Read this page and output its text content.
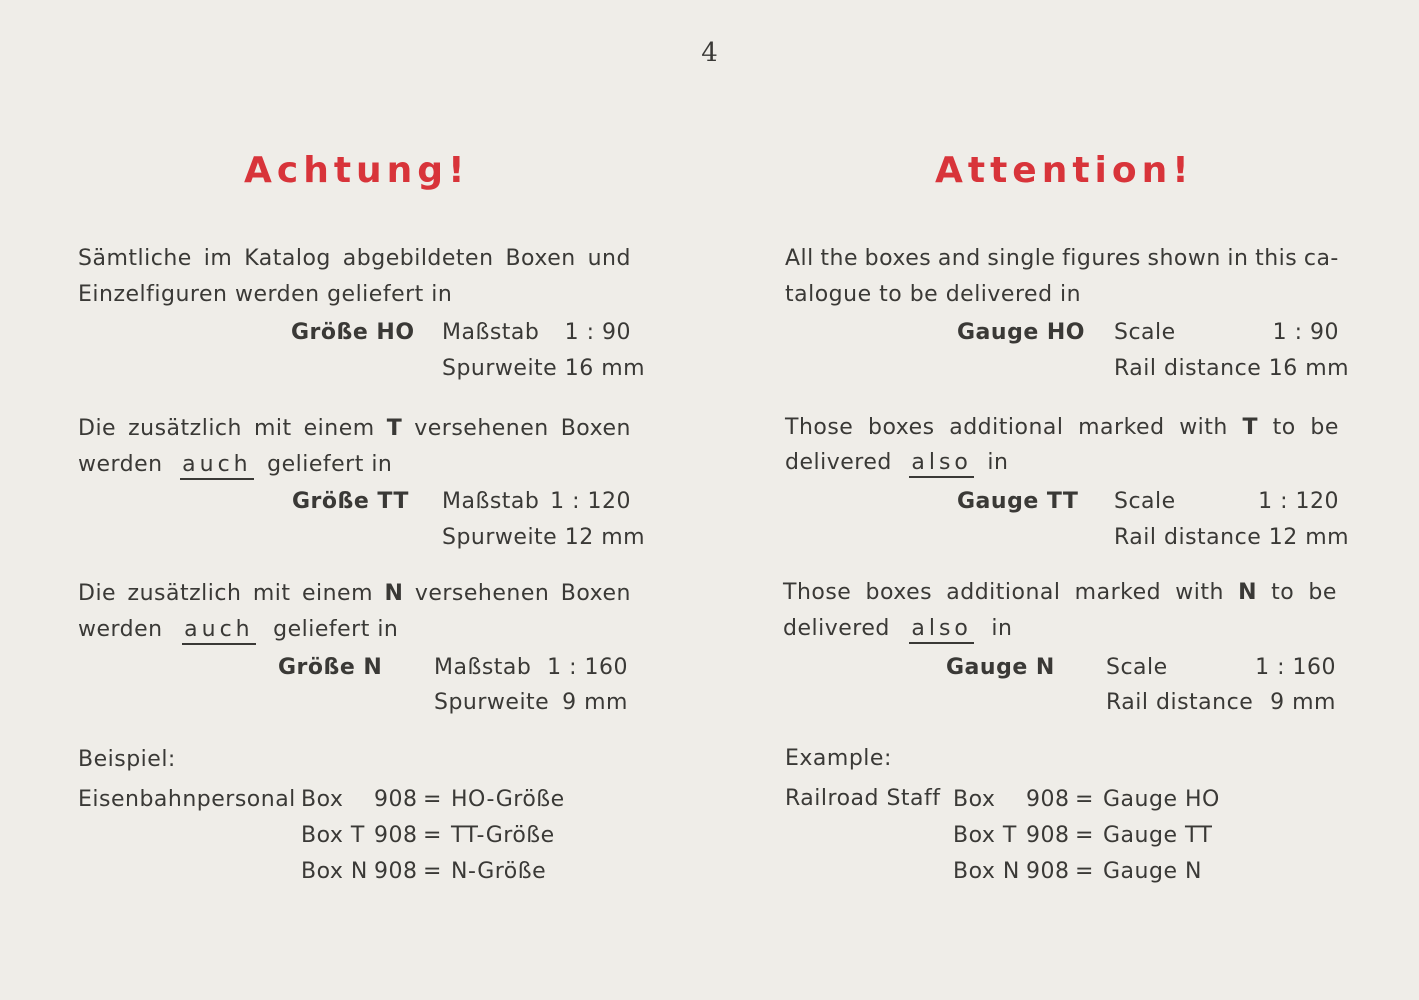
4
Achtung!
Sämtliche im Katalog abgebildeten Boxen und
Einzelfiguren werden geliefert in
Größe HO Maßstab 1 : 90
Spurweite 16 mm
Die zusätzlich mit einem T versehenen Boxen
werden auch geliefert in
Größe TT Maßstab 1 : 120
Spurweite 12 mm
Die zusätzlich mit einem N versehenen Boxen
werden auch geliefert in
Größe N Maßstab 1 : 160
Spurweite 9 mm
Beispiel:
Eisenbahnpersonal Box 908 = HO-Größe
Box T 908 = TT-Größe
Box N 908 = N-Größe
Attention!
All the boxes and single figures shown in this ca-
talogue to be delivered in
Gauge HO Scale	1 : 90
Rail distance 16 mm
Those boxes additional marked with T to be
delivered also in
Gauge TT Scale	1 : 120
Rail distance 12 mm
Those boxes additional marked with N to be
delivered also in
Gauge N Scale	1 : 160
Rail distance 9 mm
Example:
Railroad Staff Box 908 = Gauge HO
Box T 908 = Gauge TT
Box N 908 = Gauge N
